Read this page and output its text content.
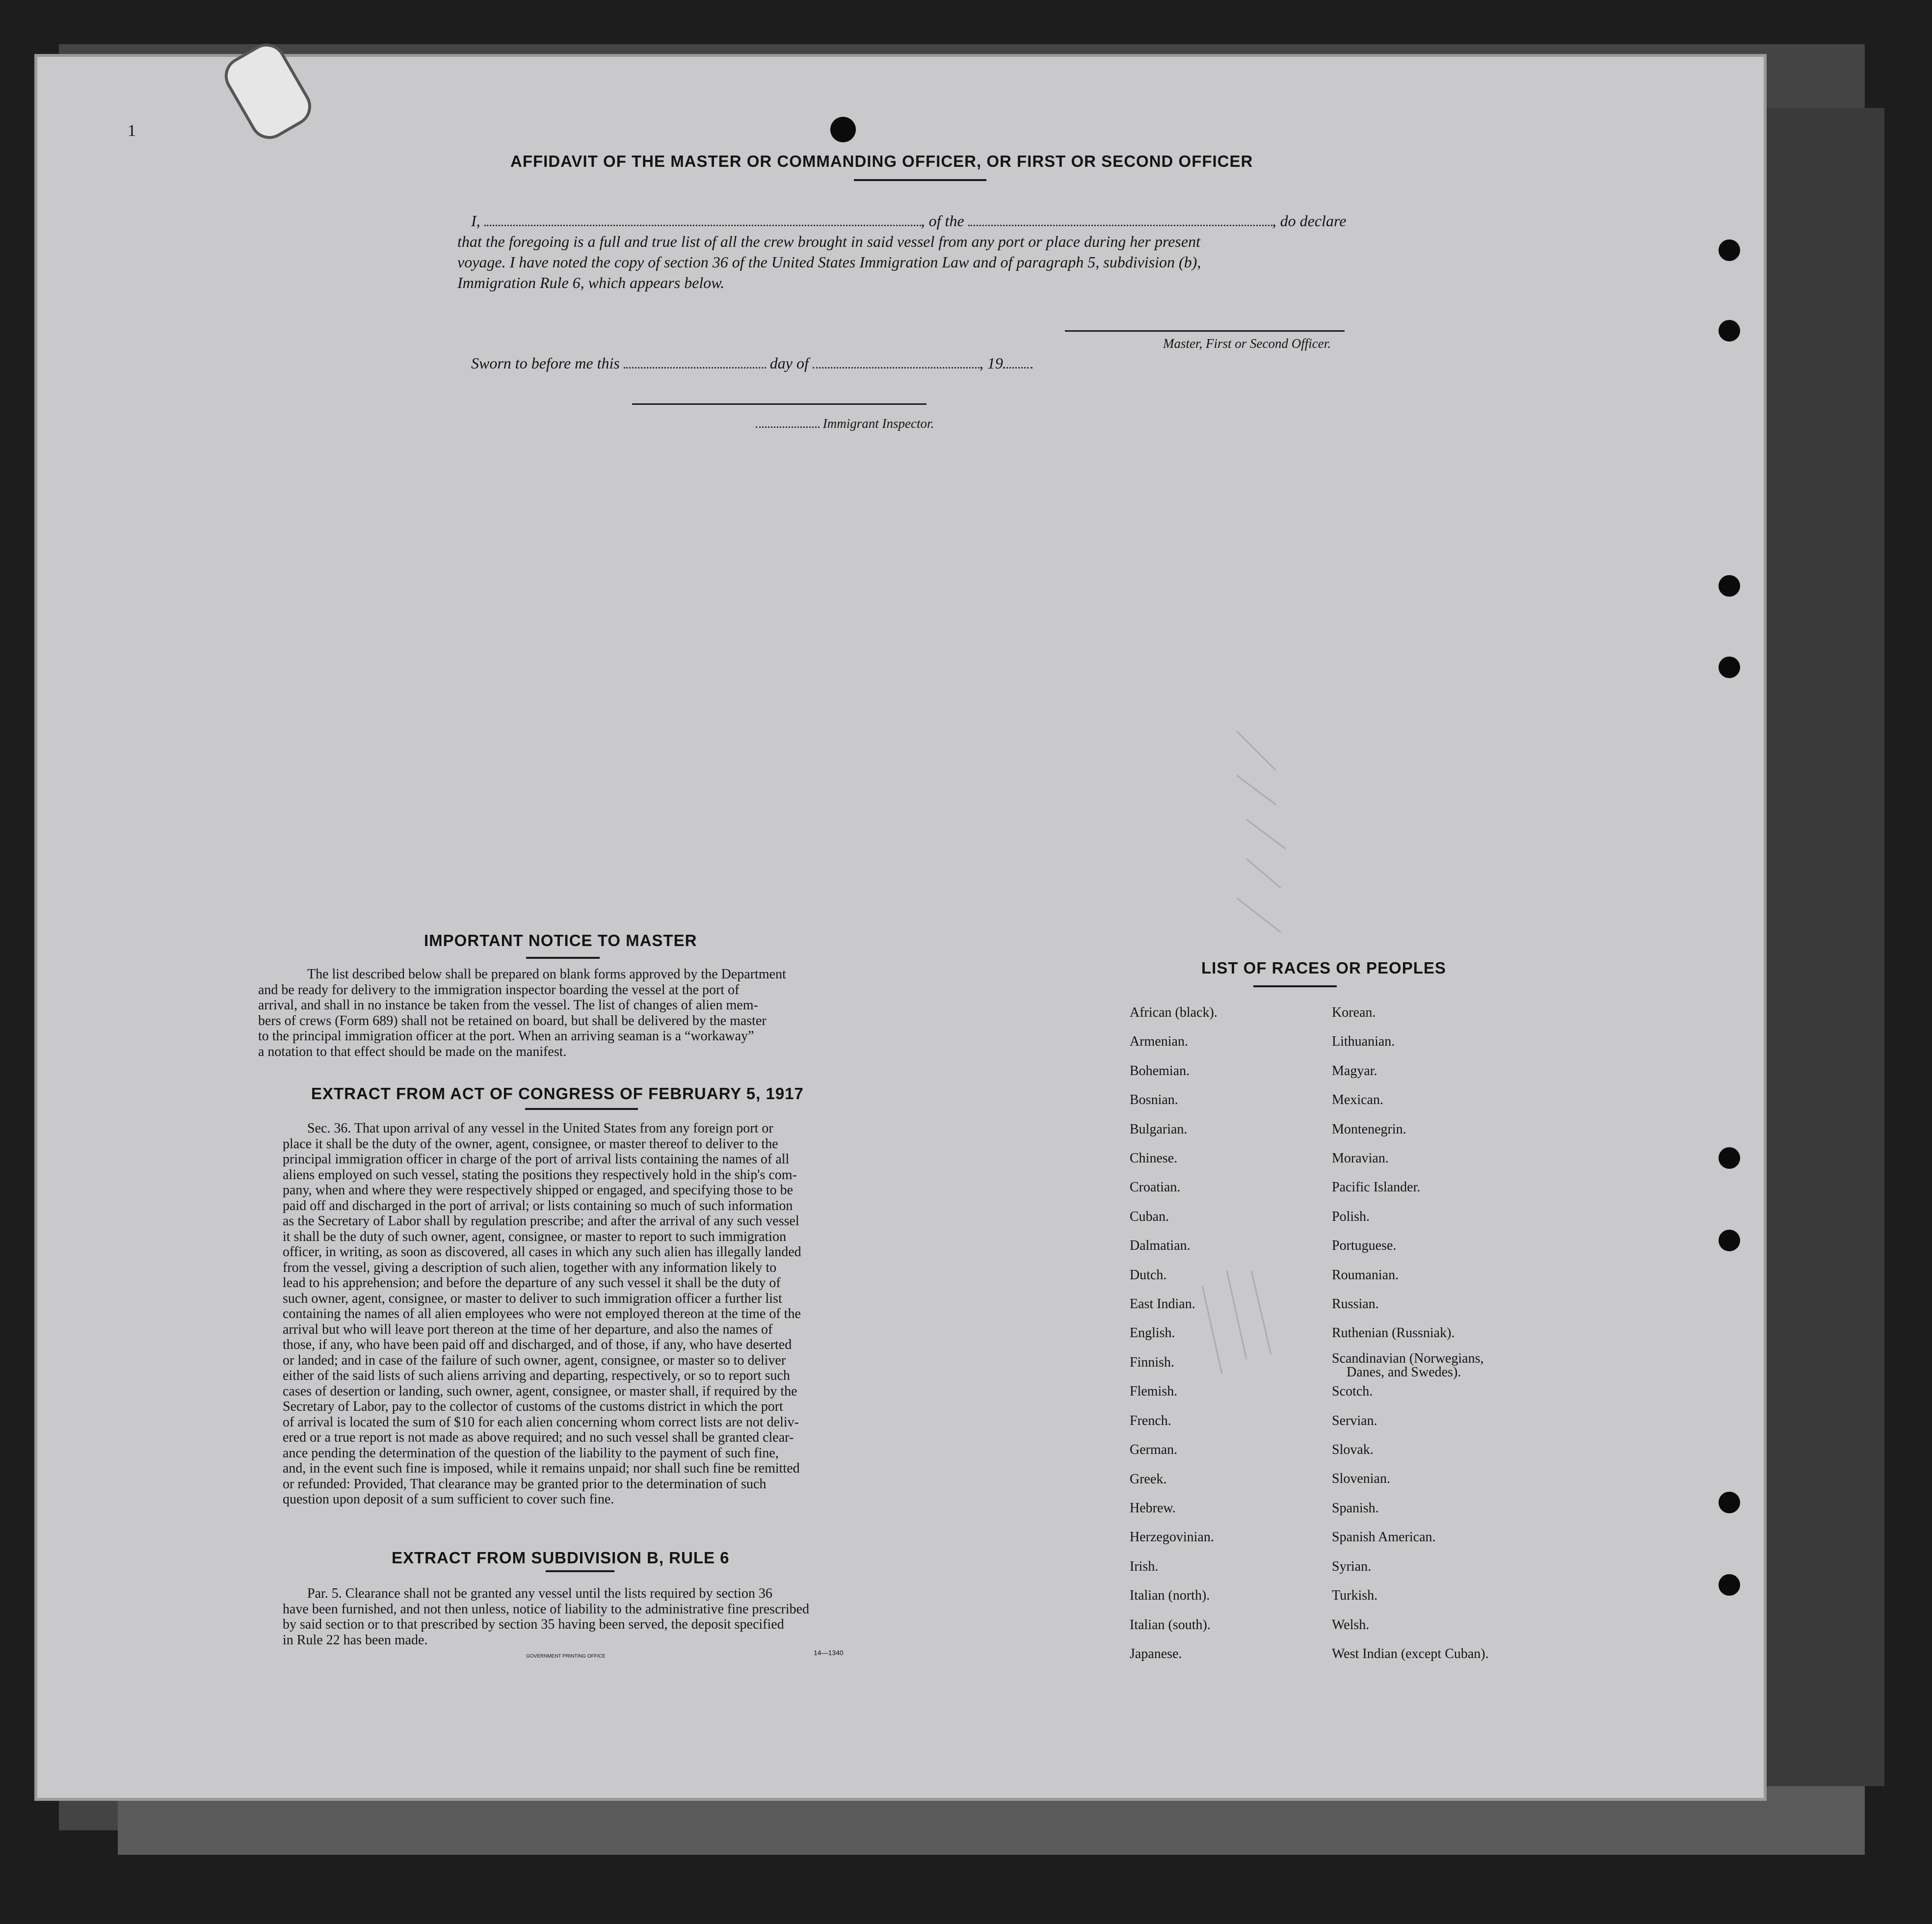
1
AFFIDAVIT OF THE MASTER OR COMMANDING OFFICER, OR FIRST OR SECOND OFFICER
I,	, of the	, do declare
that the foregoing is a full and true list of all the crew brought in said vessel from any port or place during her present
voyage. I have noted the copy of section 36 of the United States Immigration Law and of paragraph 5, subdivision (b),
Immigration Rule 6, which appears below.
Master, First or Second Officer.
Sworn to before me this	day of	, 19
Immigrant Inspector.
IMPORTANT NOTICE TO MASTER
The list described below shall be prepared on blank forms approved by the Department
and be ready for delivery to the immigration inspector boarding the vessel at the port of
arrival, and shall in no instance be taken from the vessel. The list of changes of alien mem-
bers of crews (Form 689) shall not be retained on board, but shall be delivered by the master
to the principal immigration officer at the port. When an arriving seaman is a “workaway”
a notation to that effect should be made on the manifest.
EXTRACT FROM ACT OF CONGRESS OF FEBRUARY 5, 1917
Sec. 36. That upon arrival of any vessel in the United States from any foreign port or
place it shall be the duty of the owner, agent, consignee, or master thereof to deliver to the
principal immigration officer in charge of the port of arrival lists containing the names of all
aliens employed on such vessel, stating the positions they respectively hold in the ship's com-
pany, when and where they were respectively shipped or engaged, and specifying those to be
paid off and discharged in the port of arrival; or lists containing so much of such information
as the Secretary of Labor shall by regulation prescribe; and after the arrival of any such vessel
it shall be the duty of such owner, agent, consignee, or master to report to such immigration
officer, in writing, as soon as discovered, all cases in which any such alien has illegally landed
from the vessel, giving a description of such alien, together with any information likely to
lead to his apprehension; and before the departure of any such vessel it shall be the duty of
such owner, agent, consignee, or master to deliver to such immigration officer a further list
containing the names of all alien employees who were not employed thereon at the time of the
arrival but who will leave port thereon at the time of her departure, and also the names of
those, if any, who have been paid off and discharged, and of those, if any, who have deserted
or landed; and in case of the failure of such owner, agent, consignee, or master so to deliver
either of the said lists of such aliens arriving and departing, respectively, or so to report such
cases of desertion or landing, such owner, agent, consignee, or master shall, if required by the
Secretary of Labor, pay to the collector of customs of the customs district in which the port
of arrival is located the sum of $10 for each alien concerning whom correct lists are not deliv-
ered or a true report is not made as above required; and no such vessel shall be granted clear-
ance pending the determination of the question of the liability to the payment of such fine,
and, in the event such fine is imposed, while it remains unpaid; nor shall such fine be remitted
or refunded: Provided, That clearance may be granted prior to the determination of such
question upon deposit of a sum sufficient to cover such fine.
EXTRACT FROM SUBDIVISION B, RULE 6
Par. 5. Clearance shall not be granted any vessel until the lists required by section 36
have been furnished, and not then unless, notice of liability to the administrative fine prescribed
by said section or to that prescribed by section 35 having been served, the deposit specified
in Rule 22 has been made.
GOVERNMENT PRINTING OFFICE	14—1340
LIST OF RACES OR PEOPLES
African (black).
Armenian.
Bohemian.
Bosnian.
Bulgarian.
Chinese.
Croatian.
Cuban.
Dalmatian.
Dutch.
East Indian.
English.
Finnish.
Flemish.
French.
German.
Greek.
Hebrew.
Herzegovinian.
Irish.
Italian (north).
Italian (south).
Japanese.
Korean.
Lithuanian.
Magyar.
Mexican.
Montenegrin.
Moravian.
Pacific Islander.
Polish.
Portuguese.
Roumanian.
Russian.
Ruthenian (Russniak).
Scandinavian (Norwegians,
Danes, and Swedes).
Scotch.
Servian.
Slovak.
Slovenian.
Spanish.
Spanish American.
Syrian.
Turkish.
Welsh.
West Indian (except Cuban).
